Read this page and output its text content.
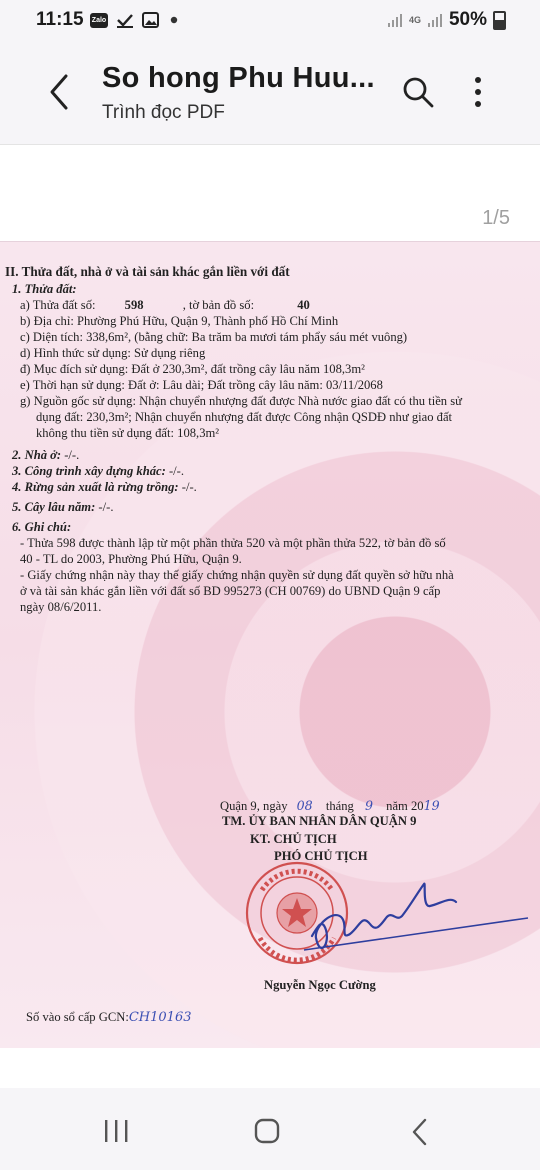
11:15 Zalo	4G 50%
So hong Phu Huu...
Trình đọc PDF
1/5
II. Thửa đất, nhà ở và tài sản khác gắn liền với đất
1. Thửa đất:
a) Thửa đất số: 598	, tờ bản đồ số:	40
b) Địa chỉ: Phường Phú Hữu, Quận 9, Thành phố Hồ Chí Minh
c) Diện tích: 338,6m², (bằng chữ: Ba trăm ba mươi tám phẩy sáu mét vuông)
d) Hình thức sử dụng: Sử dụng riêng
đ) Mục đích sử dụng: Đất ở 230,3m², đất trồng cây lâu năm 108,3m²
e) Thời hạn sử dụng: Đất ở: Lâu dài; Đất trồng cây lâu năm: 03/11/2068
g) Nguồn gốc sử dụng: Nhận chuyển nhượng đất được Nhà nước giao đất có thu tiền sử
dụng đất: 230,3m²; Nhận chuyển nhượng đất được Công nhận QSDĐ như giao đất
không thu tiền sử dụng đất: 108,3m²
2. Nhà ở: -/-.
3. Công trình xây dựng khác: -/-.
4. Rừng sản xuất là rừng trồng: -/-.
5. Cây lâu năm: -/-.
6. Ghi chú:
- Thửa 598 được thành lập từ một phần thửa 520 và một phần thửa 522, tờ bản đồ số
40 - TL do 2003, Phường Phú Hữu, Quận 9.
- Giấy chứng nhận này thay thế giấy chứng nhận quyền sử dụng đất quyền sở hữu nhà
ở và tài sản khác gắn liền với đất số BD 995273 (CH 00769) do UBND Quận 9 cấp
ngày 08/6/2011.
Quận 9, ngày 08 tháng 9 năm 2019
TM. ỦY BAN NHÂN DÂN QUẬN 9
KT. CHỦ TỊCH
PHÓ CHỦ TỊCH
Nguyễn Ngọc Cường
Số vào sổ cấp GCN:CH10163
